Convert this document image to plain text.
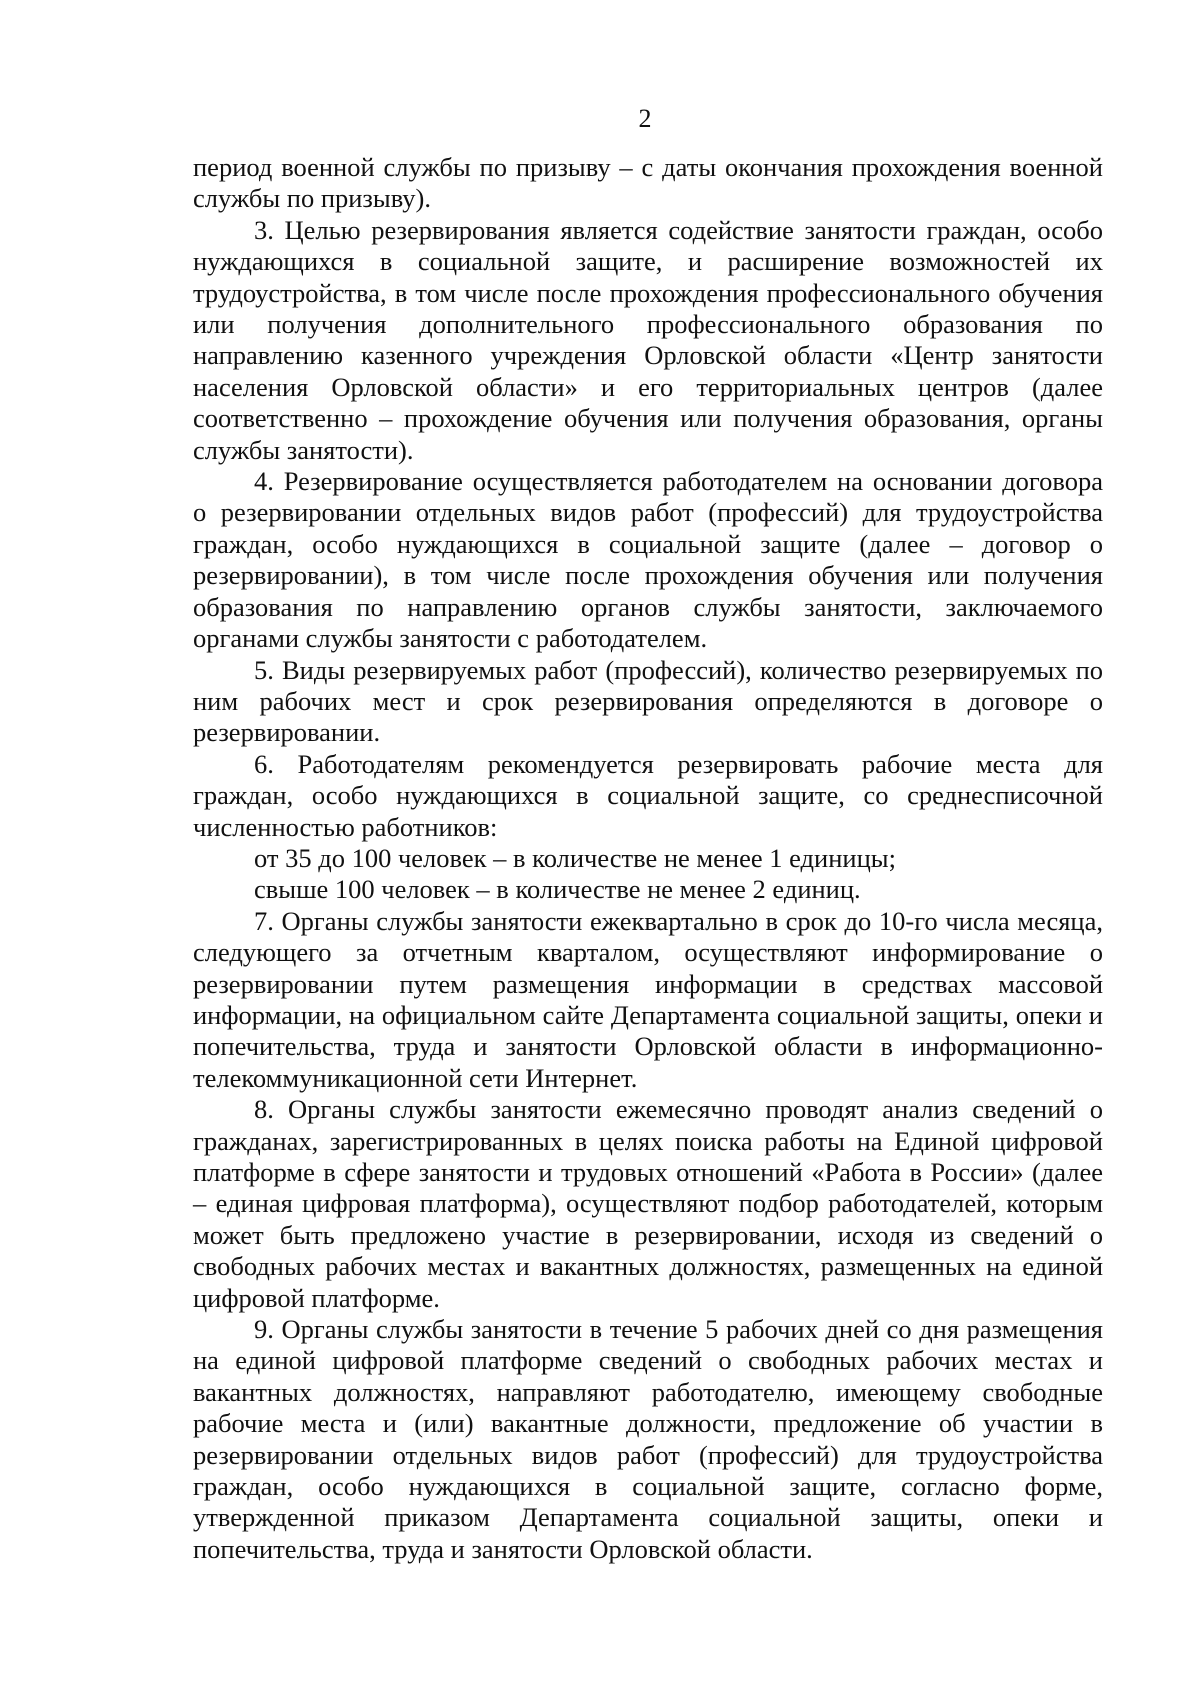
2

период военной службы по призыву – с даты окончания прохождения военной службы по призыву).

3. Целью резервирования является содействие занятости граждан, особо нуждающихся в социальной защите, и расширение возможностей их трудоустройства, в том числе после прохождения профессионального обучения или получения дополнительного профессионального образования по направлению казенного учреждения Орловской области «Центр занятости населения Орловской области» и его территориальных центров (далее соответственно – прохождение обучения или получения образования, органы службы занятости).

4. Резервирование осуществляется работодателем на основании договора о резервировании отдельных видов работ (профессий) для трудоустройства граждан, особо нуждающихся в социальной защите (далее – договор о резервировании), в том числе после прохождения обучения или получения образования по направлению органов службы занятости, заключаемого органами службы занятости с работодателем.

5. Виды резервируемых работ (профессий), количество резервируемых по ним рабочих мест и срок резервирования определяются в договоре о резервировании.

6. Работодателям рекомендуется резервировать рабочие места для граждан, особо нуждающихся в социальной защите, со среднесписочной численностью работников:

от 35 до 100 человек – в количестве не менее 1 единицы;

свыше 100 человек – в количестве не менее 2 единиц.

7. Органы службы занятости ежеквартально в срок до 10-го числа месяца, следующего за отчетным кварталом, осуществляют информирование о резервировании путем размещения информации в средствах массовой информации, на официальном сайте Департамента социальной защиты, опеки и попечительства, труда и занятости Орловской области в информационно-телекоммуникационной сети Интернет.

8. Органы службы занятости ежемесячно проводят анализ сведений о гражданах, зарегистрированных в целях поиска работы на Единой цифровой платформе в сфере занятости и трудовых отношений «Работа в России» (далее – единая цифровая платформа), осуществляют подбор работодателей, которым может быть предложено участие в резервировании, исходя из сведений о свободных рабочих местах и вакантных должностях, размещенных на единой цифровой платформе.

9. Органы службы занятости в течение 5 рабочих дней со дня размещения на единой цифровой платформе сведений о свободных рабочих местах и вакантных должностях, направляют работодателю, имеющему свободные рабочие места и (или) вакантные должности, предложение об участии в резервировании отдельных видов работ (профессий) для трудоустройства граждан, особо нуждающихся в социальной защите, согласно форме, утвержденной приказом Департамента социальной защиты, опеки и попечительства, труда и занятости Орловской области.
